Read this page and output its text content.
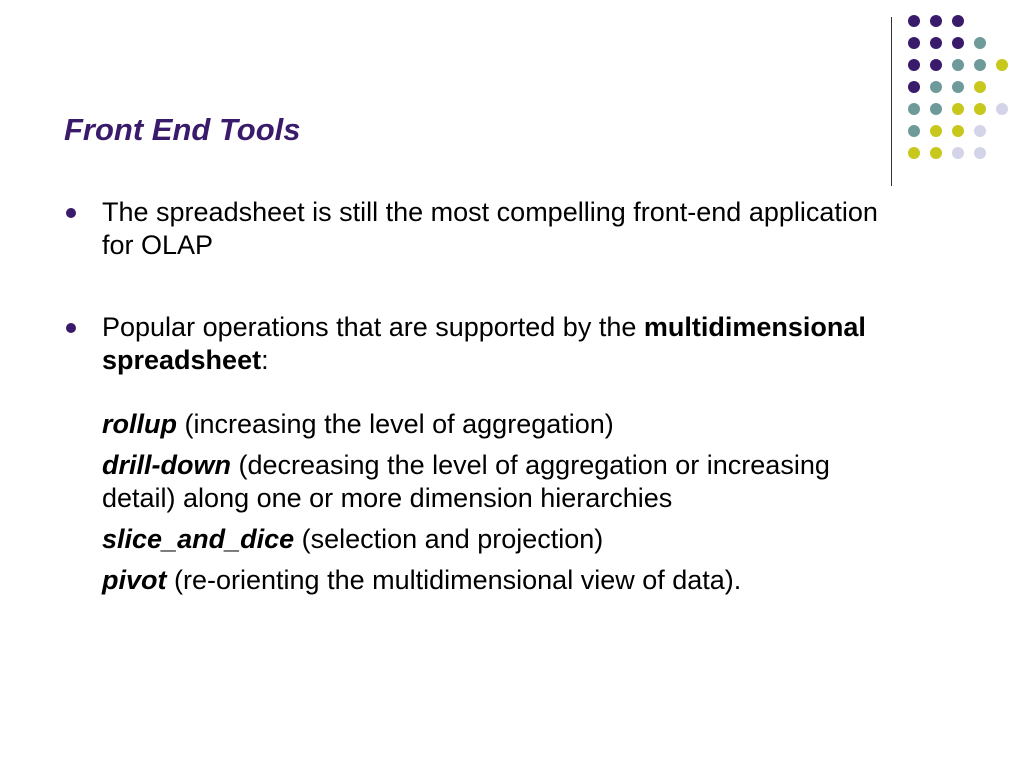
Front End Tools
The spreadsheet is still the most compelling front-end application for OLAP
Popular operations that are supported by the multidimensional spreadsheet:
rollup (increasing the level of aggregation)
drill-down (decreasing the level of aggregation or increasing detail) along one or more dimension hierarchies
slice_and_dice (selection and projection)
pivot (re-orienting the multidimensional view of data).
